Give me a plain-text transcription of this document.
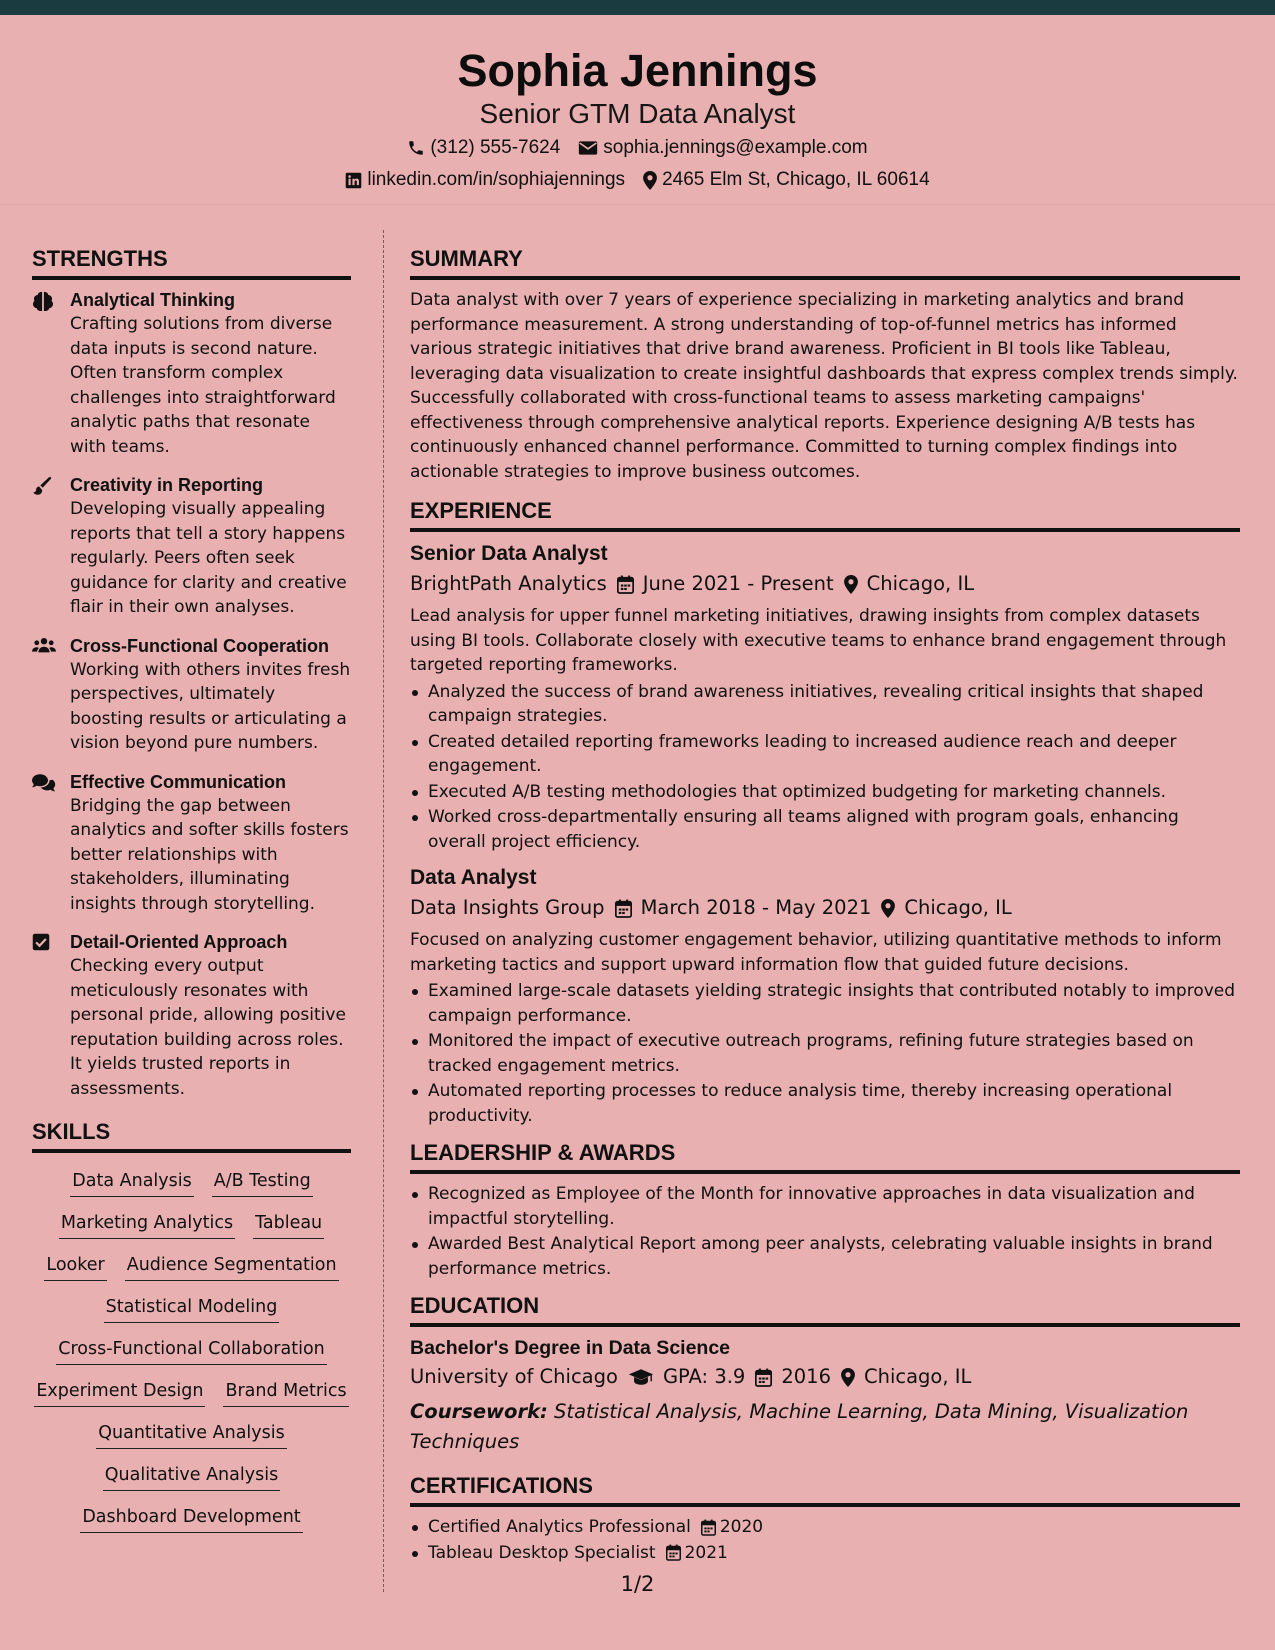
Sophia Jennings
Senior GTM Data Analyst
(312) 555-7624 sophia.jennings@example.com
linkedin.com/in/sophiajennings 2465 Elm St, Chicago, IL 60614
STRENGTHS
Analytical Thinking
Crafting solutions from diverse data inputs is second nature. Often transform complex challenges into straightforward analytic paths that resonate with teams.
Creativity in Reporting
Developing visually appealing reports that tell a story happens regularly. Peers often seek guidance for clarity and creative flair in their own analyses.
Cross-Functional Cooperation
Working with others invites fresh perspectives, ultimately boosting results or articulating a vision beyond pure numbers.
Effective Communication
Bridging the gap between analytics and softer skills fosters better relationships with stakeholders, illuminating insights through storytelling.
Detail-Oriented Approach
Checking every output meticulously resonates with personal pride, allowing positive reputation building across roles. It yields trusted reports in assessments.
SKILLS
Data Analysis A/B Testing
Marketing Analytics Tableau
Looker Audience Segmentation
Statistical Modeling
Cross-Functional Collaboration
Experiment Design Brand Metrics
Quantitative Analysis
Qualitative Analysis
Dashboard Development
SUMMARY

Data analyst with over 7 years of experience specializing in marketing analytics and brand performance measurement. A strong understanding of top-of-funnel metrics has informed various strategic initiatives that drive brand awareness. Proficient in BI tools like Tableau, leveraging data visualization to create insightful dashboards that express complex trends simply. Successfully collaborated with cross-functional teams to assess marketing campaigns' effectiveness through comprehensive analytical reports. Experience designing A/B tests has continuously enhanced channel performance. Committed to turning complex findings into actionable strategies to improve business outcomes.

EXPERIENCE
Senior Data Analyst
BrightPath Analytics June 2021 - Present Chicago, IL

Lead analysis for upper funnel marketing initiatives, drawing insights from complex datasets using BI tools. Collaborate closely with executive teams to enhance brand engagement through targeted reporting frameworks.

Analyzed the success of brand awareness initiatives, revealing critical insights that shaped campaign strategies.
Created detailed reporting frameworks leading to increased audience reach and deeper engagement.
Executed A/B testing methodologies that optimized budgeting for marketing channels.
Worked cross-departmentally ensuring all teams aligned with program goals, enhancing overall project efficiency.
Data Analyst
Data Insights Group March 2018 - May 2021 Chicago, IL

Focused on analyzing customer engagement behavior, utilizing quantitative methods to inform marketing tactics and support upward information flow that guided future decisions.

Examined large-scale datasets yielding strategic insights that contributed notably to improved campaign performance.
Monitored the impact of executive outreach programs, refining future strategies based on tracked engagement metrics.
Automated reporting processes to reduce analysis time, thereby increasing operational productivity.
LEADERSHIP & AWARDS
Recognized as Employee of the Month for innovative approaches in data visualization and impactful storytelling.
Awarded Best Analytical Report among peer analysts, celebrating valuable insights in brand performance metrics.
EDUCATION
Bachelor's Degree in Data Science
University of Chicago GPA: 3.9 2016 Chicago, IL
Coursework: Statistical Analysis, Machine Learning, Data Mining, Visualization Techniques
CERTIFICATIONS
Certified Analytics Professional 2020
Tableau Desktop Specialist 2021
1/2
